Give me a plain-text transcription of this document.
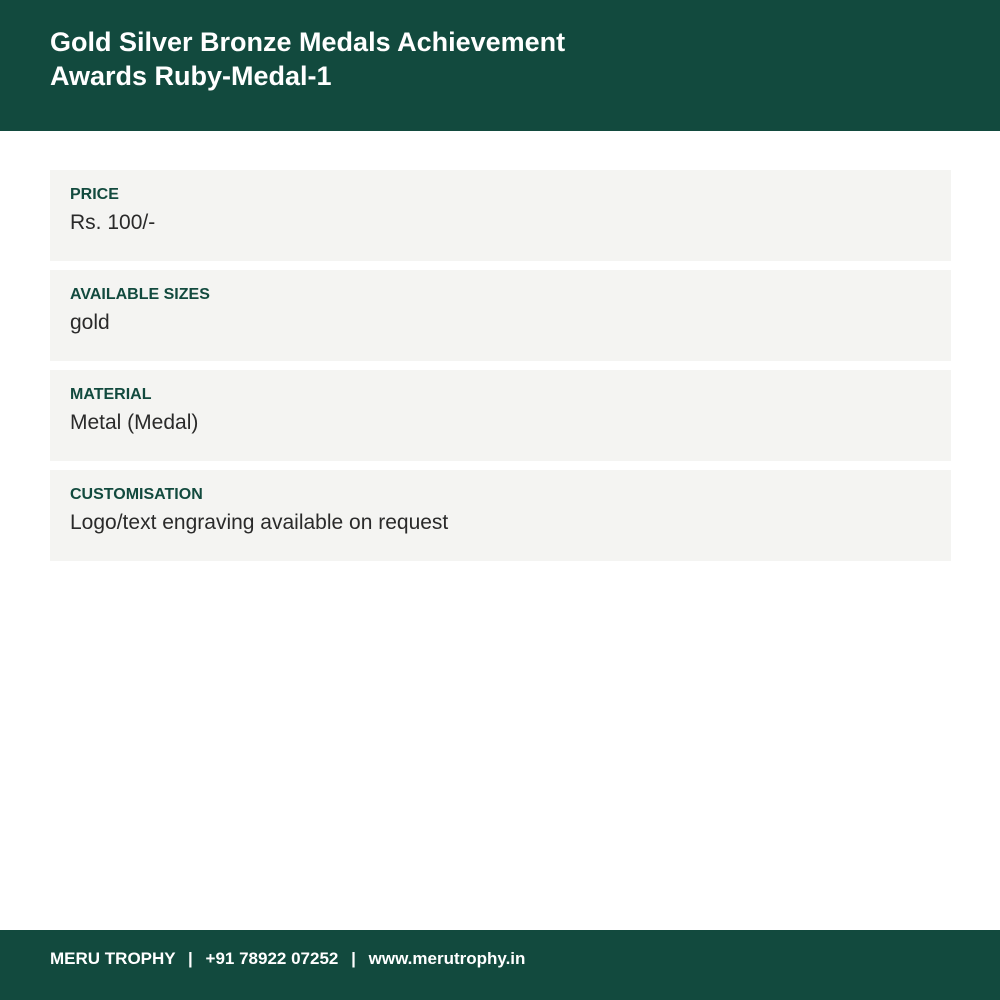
Gold Silver Bronze Medals Achievement Awards Ruby-Medal-1
PRICE
Rs. 100/-
AVAILABLE SIZES
gold
MATERIAL
Metal (Medal)
CUSTOMISATION
Logo/text engraving available on request
MERU TROPHY | +91 78922 07252 | www.merutrophy.in
